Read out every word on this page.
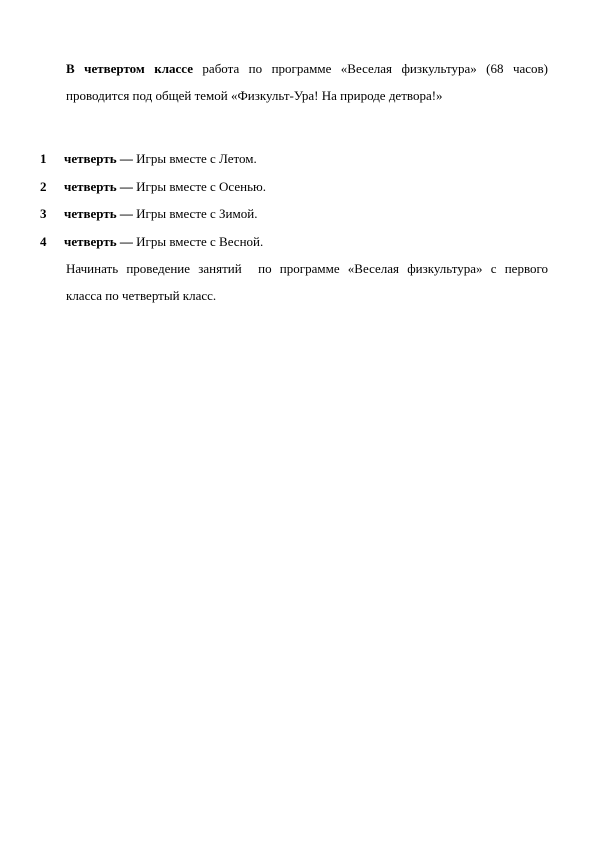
В четвертом классе работа по программе «Веселая физкультура» (68 часов)
проводится под общей темой «Физкульт-Ура! На природе детвора!»

1 четверть — Игры вместе с Летом.
2 четверть — Игры вместе с Осенью.
3 четверть — Игры вместе с Зимой.
4 четверть — Игры вместе с Весной.

Начинать проведение занятий  по программе «Веселая физкультура» с первого
класса по четвертый класс.
